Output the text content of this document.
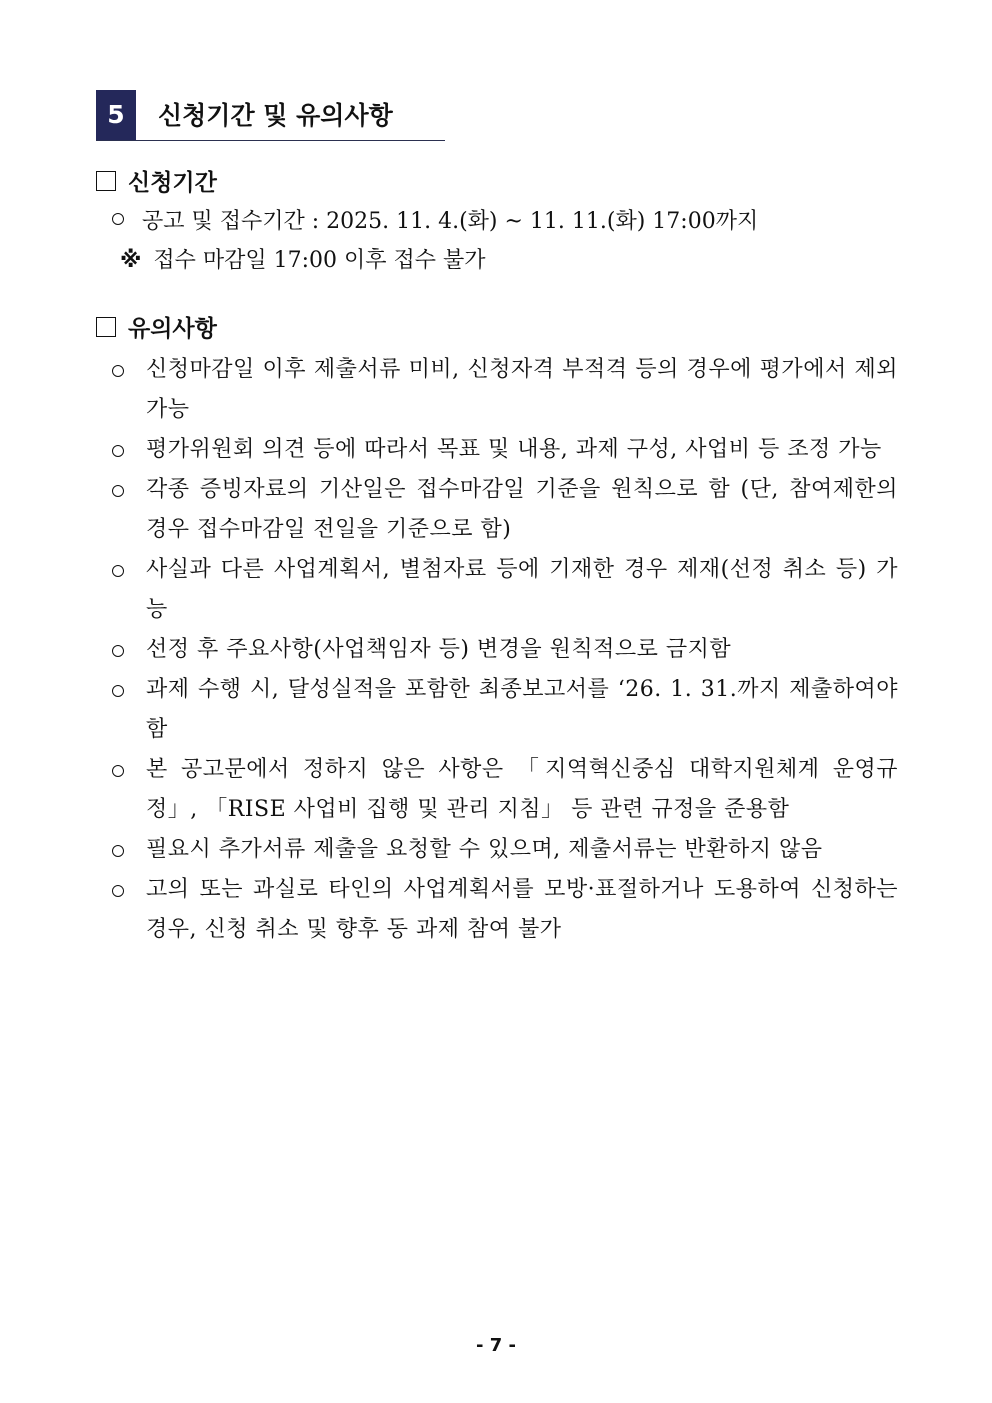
5	신청기간 및 유의사항
신청기간
공고 및 접수기간 : 2025. 11. 4.(화) ~ 11. 11.(화) 17:00까지
※ 접수 마감일 17:00 이후 접수 불가
유의사항
신청마감일 이후 제출서류 미비, 신청자격 부적격 등의 경우에 평가에서 제외 가능
평가위원회 의견 등에 따라서 목표 및 내용, 과제 구성, 사업비 등 조정 가능
각종 증빙자료의 기산일은 접수마감일 기준을 원칙으로 함 (단, 참여제한의 경우 접수마감일 전일을 기준으로 함)
사실과 다른 사업계획서, 별첨자료 등에 기재한 경우 제재(선정 취소 등) 가능
선정 후 주요사항(사업책임자 등) 변경을 원칙적으로 금지함
과제 수행 시, 달성실적을 포함한 최종보고서를 ‘26. 1. 31.까지 제출하여야 함
본 공고문에서 정하지 않은 사항은 「지역혁신중심 대학지원체계 운영규정」, 「RISE 사업비 집행 및 관리 지침」 등 관련 규정을 준용함
필요시 추가서류 제출을 요청할 수 있으며, 제출서류는 반환하지 않음
고의 또는 과실로 타인의 사업계획서를 모방·표절하거나 도용하여 신청하는 경우, 신청 취소 및 향후 동 과제 참여 불가
- 7 -
